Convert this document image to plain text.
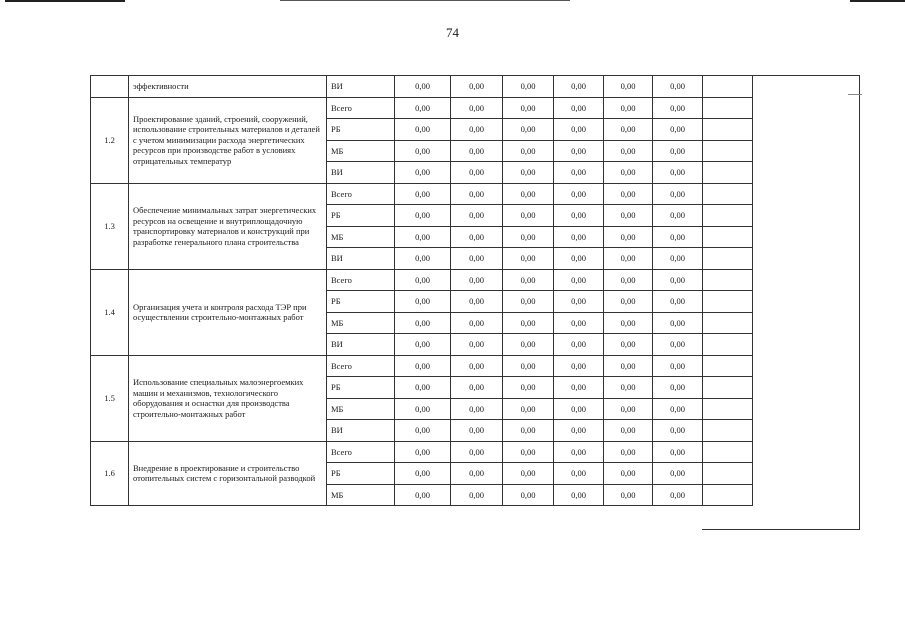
74
	эффективности	ВИ	0,00	0,00	0,00	0,00	0,00	0,00	
1.2	Проектирование зданий, строений, сооружений, использование строительных материалов и деталей с учетом минимизации расхода энергетических ресурсов при производстве работ в условиях отрицательных температур	Всего	0,00	0,00	0,00	0,00	0,00	0,00	
		РБ	0,00	0,00	0,00	0,00	0,00	0,00	
		МБ	0,00	0,00	0,00	0,00	0,00	0,00	
		ВИ	0,00	0,00	0,00	0,00	0,00	0,00	
1.3	Обеспечение минимальных затрат энергетических ресурсов на освещение и внутриплощадочную транспортировку материалов и конструкций при разработке генерального плана строительства	Всего	0,00	0,00	0,00	0,00	0,00	0,00	
		РБ	0,00	0,00	0,00	0,00	0,00	0,00	
		МБ	0,00	0,00	0,00	0,00	0,00	0,00	
		ВИ	0,00	0,00	0,00	0,00	0,00	0,00	
1.4	Организация учета и контроля расхода ТЭР при осуществлении строительно-монтажных работ	Всего	0,00	0,00	0,00	0,00	0,00	0,00	
		РБ	0,00	0,00	0,00	0,00	0,00	0,00	
		МБ	0,00	0,00	0,00	0,00	0,00	0,00	
		ВИ	0,00	0,00	0,00	0,00	0,00	0,00	
1.5	Использование специальных малоэнергоемких машин и механизмов, технологического оборудования и оснастки для производства строительно-монтажных работ	Всего	0,00	0,00	0,00	0,00	0,00	0,00	
		РБ	0,00	0,00	0,00	0,00	0,00	0,00	
		МБ	0,00	0,00	0,00	0,00	0,00	0,00	
		ВИ	0,00	0,00	0,00	0,00	0,00	0,00	
1.6	Внедрение в проектирование и строительство отопительных систем с горизонтальной разводкой	Всего	0,00	0,00	0,00	0,00	0,00	0,00	
		РБ	0,00	0,00	0,00	0,00	0,00	0,00	
		МБ	0,00	0,00	0,00	0,00	0,00	0,00	
